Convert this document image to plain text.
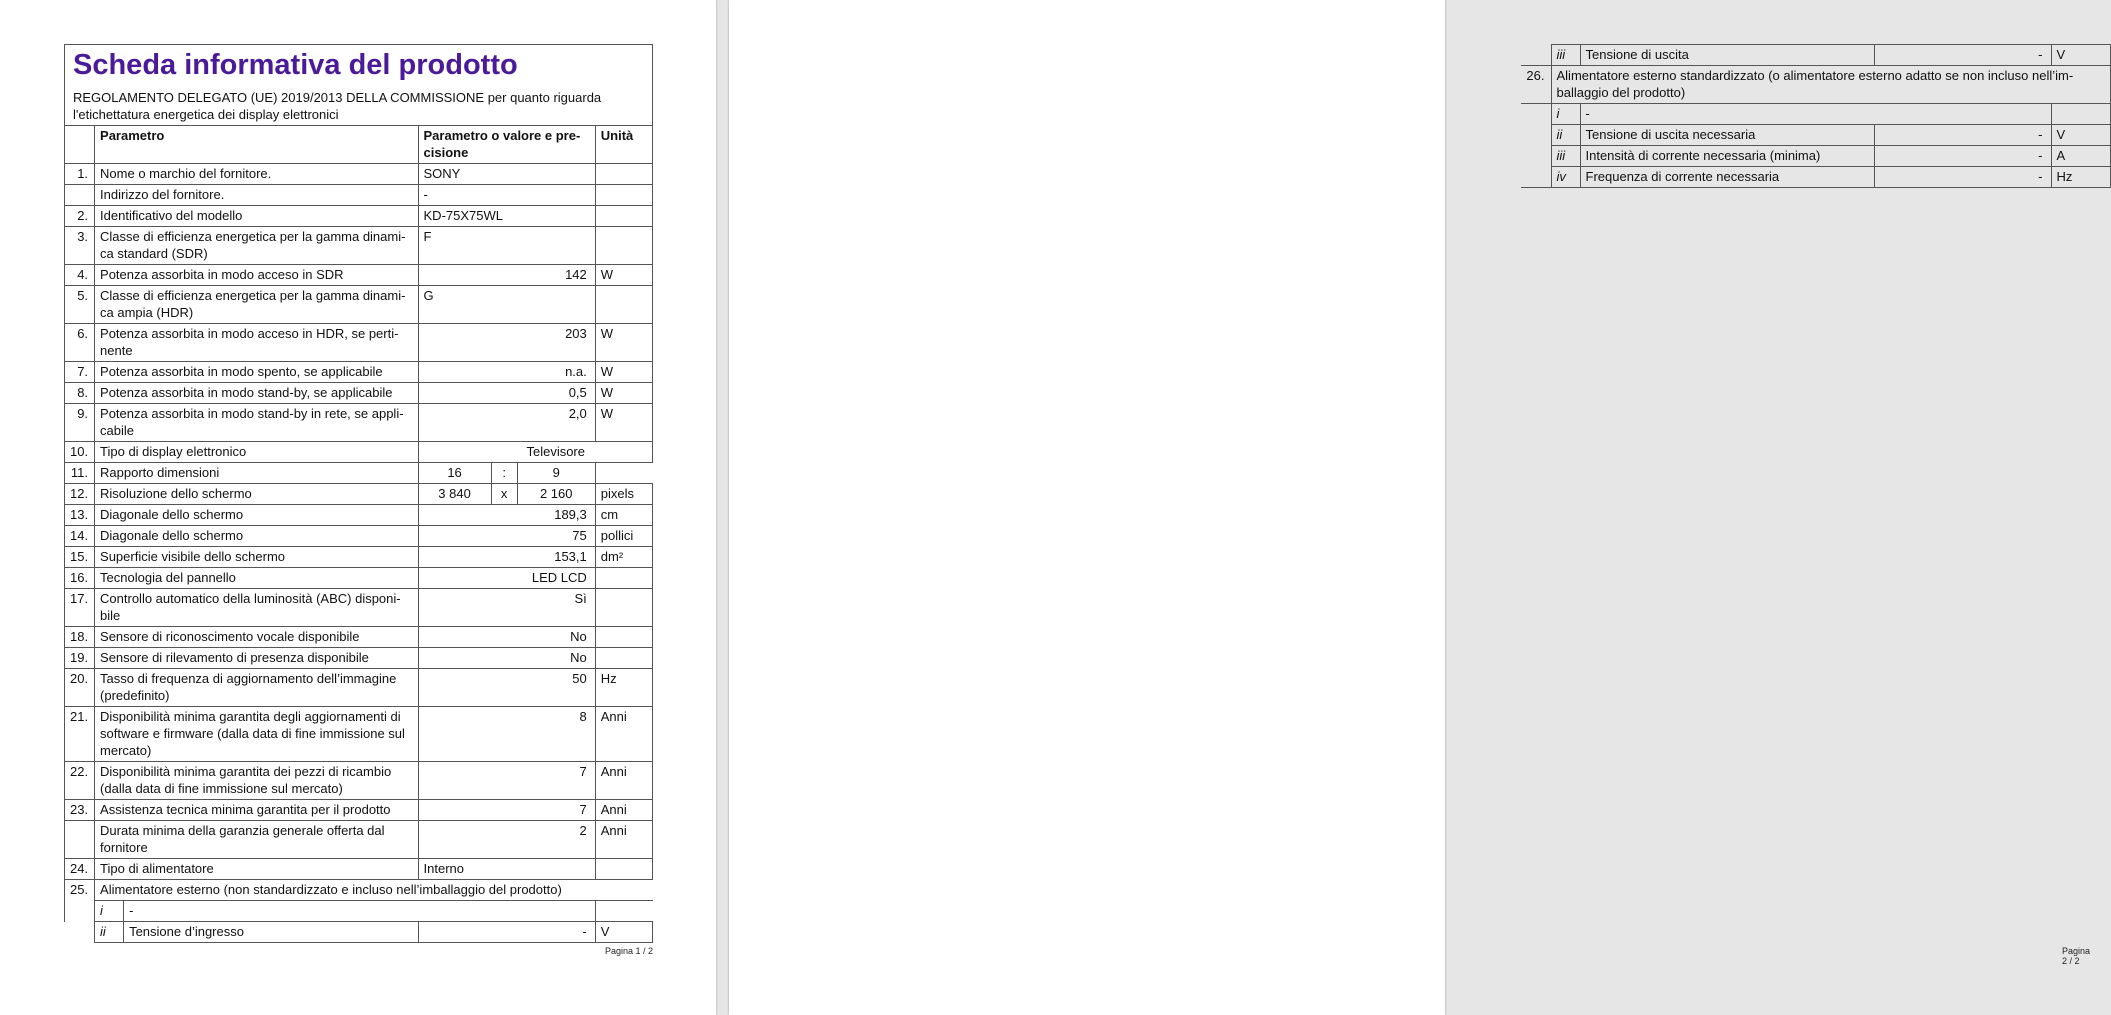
Scheda informativa del prodotto
REGOLAMENTO DELEGATO (UE) 2019/2013 DELLA COMMISSIONE per quanto riguarda l'etichettatura energetica dei display elettronici						

	Parametro		Parametro o valore e pre-cisione			Unità
1.	Nome o marchio del fornitore.		SONY			
	Indirizzo del fornitore.		-			
2.	Identificativo del modello		KD-75X75WL			
3.	Classe di efficienza energetica per la gamma dinami-ca standard (SDR)		F			
4.	Potenza assorbita in modo acceso in SDR		142			W
5.	Classe di efficienza energetica per la gamma dinami-ca ampia (HDR)		G			
6.	Potenza assorbita in modo acceso in HDR, se perti-nente		203			W
7.	Potenza assorbita in modo spento, se applicabile		n.a.			W
8.	Potenza assorbita in modo stand-by, se applicabile		0,5			W
9.	Potenza assorbita in modo stand-by in rete, se appli-cabile		2,0			W
10.	Tipo di display elettronico		Televisore			
11.	Rapporto dimensioni		16	:	9	
12.	Risoluzione dello schermo		3 840	x	2 160	pixels
13.	Diagonale dello schermo		189,3			cm
14.	Diagonale dello schermo		75			pollici
15.	Superficie visibile dello schermo		153,1			dm²
16.	Tecnologia del pannello		LED LCD			
17.	Controllo automatico della luminosità (ABC) disponi-bile		Sì			
18.	Sensore di riconoscimento vocale disponibile		No			
19.	Sensore di rilevamento di presenza disponibile		No			
20.	Tasso di frequenza di aggiornamento dell’immagine (predefinito)		50			Hz
21.	Disponibilità minima garantita degli aggiornamenti di software e firmware (dalla data di fine immissione sul mercato)		8			Anni
22.	Disponibilità minima garantita dei pezzi di ricambio (dalla data di fine immissione sul mercato)		7			Anni
23.	Assistenza tecnica minima garantita per il prodotto		7			Anni
	Durata minima della garanzia generale offerta dal fornitore		2			Anni
24.	Tipo di alimentatore		Interno			
25.	Alimentatore esterno (non standardizzato e incluso nell’imballaggio del prodotto)					
	i	-				
	ii	Tensione d’ingresso	-			V
Pagina 1 / 2
	iii	Tensione di uscita	-	V
26.	Alimentatore esterno standardizzato (o alimentatore esterno adatto se non incluso nell’im-ballaggio del prodotto)			
	i	-		
	ii	Tensione di uscita necessaria	-	V
	iii	Intensità di corrente necessaria (minima)	-	A
	iv	Frequenza di corrente necessaria	-	Hz
Pagina 2 / 2
